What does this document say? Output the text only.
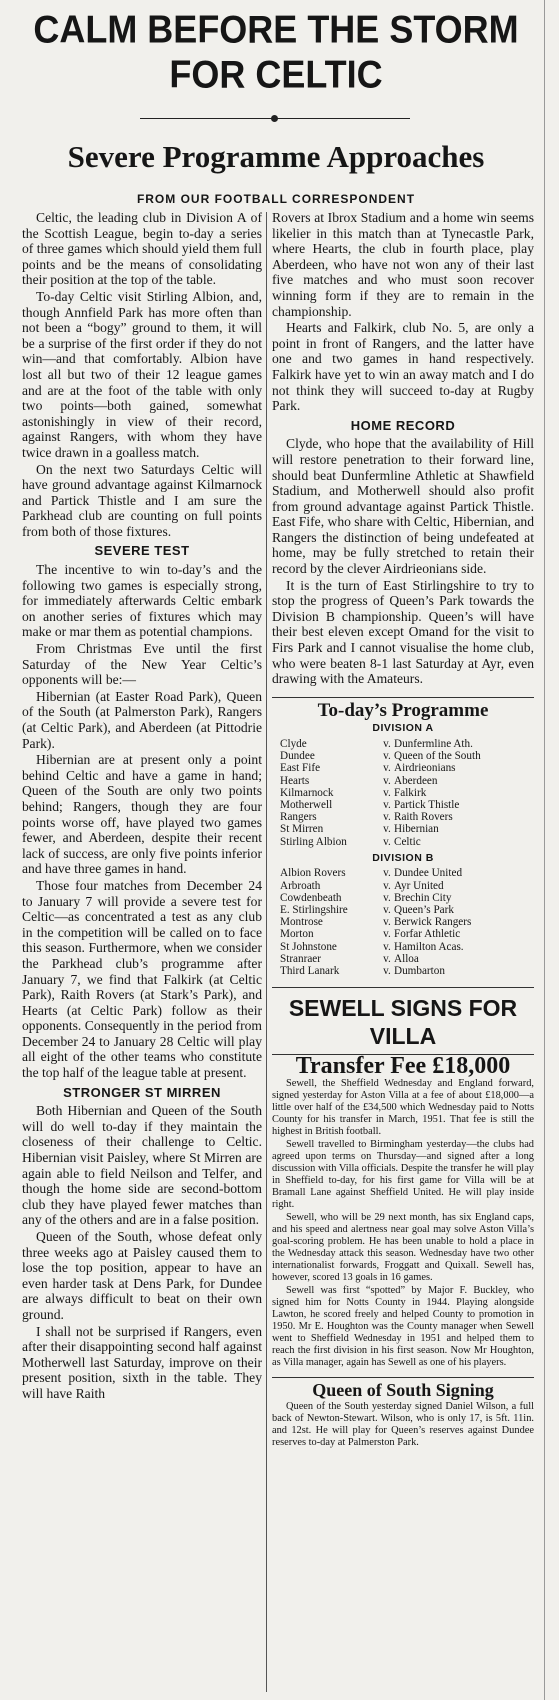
CALM BEFORE THE STORM FOR CELTIC
Severe Programme Approaches
FROM OUR FOOTBALL CORRESPONDENT

Celtic, the leading club in Division A of the Scottish League, begin to-day a series of three games which should yield them full points and be the means of consolidating their position at the top of the table.

To-day Celtic visit Stirling Albion, and, though Annfield Park has more often than not been a “bogy” ground to them, it will be a surprise of the first order if they do not win—and that comfortably. Albion have lost all but two of their 12 league games and are at the foot of the table with only two points—both gained, somewhat astonishingly in view of their record, against Rangers, with whom they have twice drawn in a goalless match.

On the next two Saturdays Celtic will have ground advantage against Kilmarnock and Partick Thistle and I am sure the Parkhead club are counting on full points from both of those fixtures.

SEVERE TEST

The incentive to win to-day’s and the following two games is especially strong, for immediately afterwards Celtic embark on another series of fixtures which may make or mar them as potential champions.

From Christmas Eve until the first Saturday of the New Year Celtic’s opponents will be:—

Hibernian (at Easter Road Park), Queen of the South (at Palmerston Park), Rangers (at Celtic Park), and Aberdeen (at Pittodrie Park).

Hibernian are at present only a point behind Celtic and have a game in hand; Queen of the South are only two points behind; Rangers, though they are four points worse off, have played two games fewer, and Aberdeen, despite their recent lack of success, are only five points inferior and have three games in hand.

Those four matches from December 24 to January 7 will provide a severe test for Celtic—as concentrated a test as any club in the competition will be called on to face this season. Furthermore, when we consider the Parkhead club’s programme after January 7, we find that Falkirk (at Celtic Park), Raith Rovers (at Stark’s Park), and Hearts (at Celtic Park) follow as their opponents. Consequently in the period from December 24 to January 28 Celtic will play all eight of the other teams who constitute the top half of the league table at present.

STRONGER ST MIRREN

Both Hibernian and Queen of the South will do well to-day if they maintain the closeness of their challenge to Celtic. Hibernian visit Paisley, where St Mirren are again able to field Neilson and Telfer, and though the home side are second-bottom club they have played fewer matches than any of the others and are in a false position.

Queen of the South, whose defeat only three weeks ago at Paisley caused them to lose the top position, appear to have an even harder task at Dens Park, for Dundee are always difficult to beat on their own ground.

I shall not be surprised if Rangers, even after their disappointing second half against Motherwell last Saturday, improve on their present position, sixth in the table. They will have Raith

Rovers at Ibrox Stadium and a home win seems likelier in this match than at Tynecastle Park, where Hearts, the club in fourth place, play Aberdeen, who have not won any of their last five matches and who must soon recover winning form if they are to remain in the championship.

Hearts and Falkirk, club No. 5, are only a point in front of Rangers, and the latter have one and two games in hand respectively. Falkirk have yet to win an away match and I do not think they will succeed to-day at Rugby Park.

HOME RECORD

Clyde, who hope that the availability of Hill will restore penetration to their forward line, should beat Dunfermline Athletic at Shawfield Stadium, and Motherwell should also profit from ground advantage against Partick Thistle. East Fife, who share with Celtic, Hibernian, and Rangers the distinction of being undefeated at home, may be fully stretched to retain their record by the clever Airdrieonians side.

It is the turn of East Stirlingshire to try to stop the progress of Queen’s Park towards the Division B championship. Queen’s will have their best eleven except Omand for the visit to Firs Park and I cannot visualise the home club, who were beaten 8-1 last Saturday at Ayr, even drawing with the Amateurs.

To-day’s Programme
DIVISION A
Clyde	v. Dunfermline Ath.
Dundee	v. Queen of the South
East Fife	v. Airdrieonians
Hearts	v. Aberdeen
Kilmarnock	v. Falkirk
Motherwell	v. Partick Thistle
Rangers	v. Raith Rovers
St Mirren	v. Hibernian
Stirling Albion	v. Celtic
DIVISION B
Albion Rovers	v. Dundee United
Arbroath	v. Ayr United
Cowdenbeath	v. Brechin City
E. Stirlingshire	v. Queen’s Park
Montrose	v. Berwick Rangers
Morton	v. Forfar Athletic
St Johnstone	v. Hamilton Acas.
Stranraer	v. Alloa
Third Lanark	v. Dumbarton
SEWELL SIGNS FOR VILLA
Transfer Fee £18,000

Sewell, the Sheffield Wednesday and England forward, signed yesterday for Aston Villa at a fee of about £18,000—a little over half of the £34,500 which Wednesday paid to Notts County for his transfer in March, 1951. That fee is still the highest in British football.

Sewell travelled to Birmingham yesterday—the clubs had agreed upon terms on Thursday—and signed after a long discussion with Villa officials. Despite the transfer he will play in Sheffield to-day, for his first game for Villa will be at Bramall Lane against Sheffield United. He will play inside right.

Sewell, who will be 29 next month, has six England caps, and his speed and alertness near goal may solve Aston Villa’s goal-scoring problem. He has been unable to hold a place in the Wednesday attack this season. Wednesday have two other internationalist forwards, Froggatt and Quixall. Sewell has, however, scored 13 goals in 16 games.

Sewell was first “spotted” by Major F. Buckley, who signed him for Notts County in 1944. Playing alongside Lawton, he scored freely and helped County to promotion in 1950. Mr E. Houghton was the County manager when Sewell went to Sheffield Wednesday in 1951 and helped them to reach the first division in his first season. Now Mr Houghton, as Villa manager, again has Sewell as one of his players.

Queen of South Signing

Queen of the South yesterday signed Daniel Wilson, a full back of Newton-Stewart. Wilson, who is only 17, is 5ft. 11in. and 12st. He will play for Queen’s reserves against Dundee reserves to-day at Palmerston Park.
